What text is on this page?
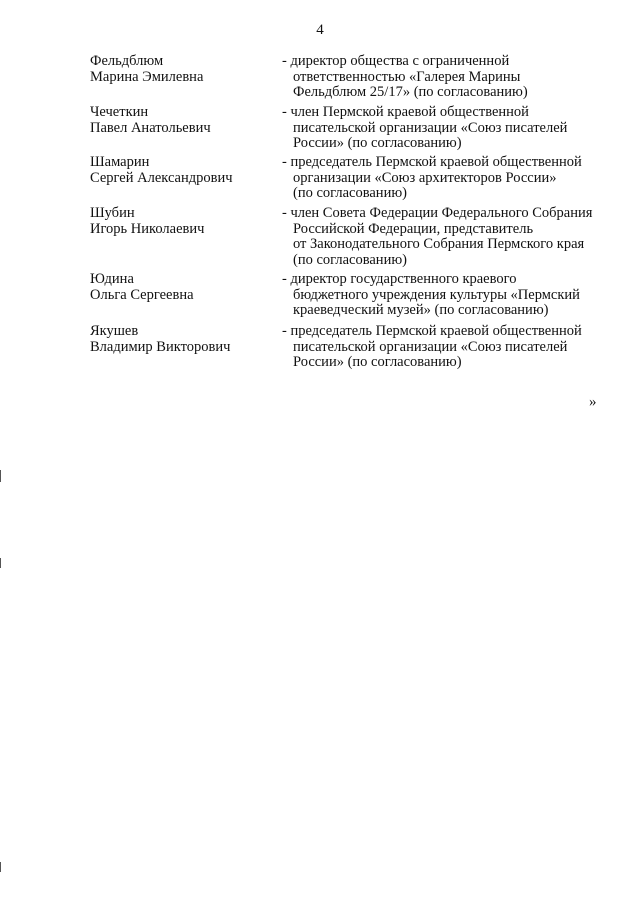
4
Фельдблюм
Марина Эмилевна
- директор общества с ограниченной
ответственностью «Галерея Марины
Фельдблюм 25/17» (по согласованию)
Чечеткин
Павел Анатольевич
- член Пермской краевой общественной
писательской организации «Союз писателей
России» (по согласованию)
Шамарин
Сергей Александрович
- председатель Пермской краевой общественной
организации «Союз архитекторов России»
(по согласованию)
Шубин
Игорь Николаевич
- член Совета Федерации Федерального Собрания
Российской Федерации, представитель
от Законодательного Собрания Пермского края
(по согласованию)
Юдина
Ольга Сергеевна
- директор государственного краевого
бюджетного учреждения культуры «Пермский
краеведческий музей» (по согласованию)
Якушев
Владимир Викторович
- председатель Пермской краевой общественной
писательской организации «Союз писателей
России» (по согласованию)
»
